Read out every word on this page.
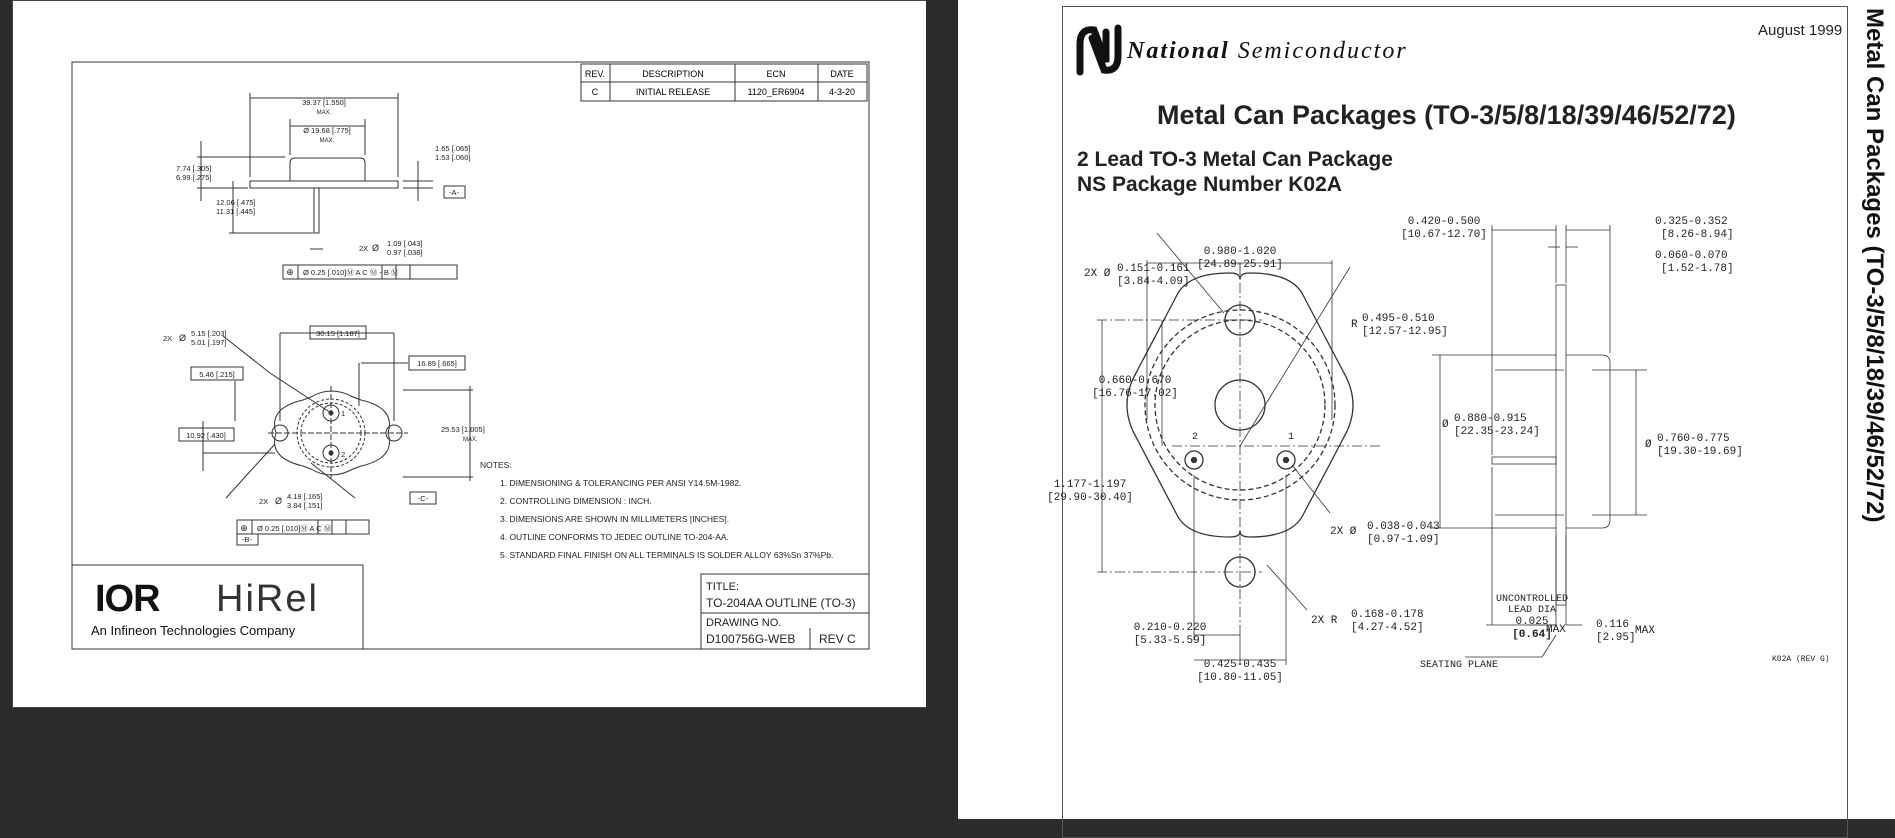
REV.	DESCRIPTION	ECN	DATE
C	INITIAL RELEASE	1120_ER6904	4-3-20
39.37 [1.550]
MAX.
Ø 19.68 [.775]
MAX.
1.65 [.065]
1.53 [.060]
7.74 [.305]
6.99 [.275]
12.06 [.475]
11.31 [.445]
2X Ø 1.09 [.043]
0.97 [.038]
-A-
⊕ Ø 0.25 [.010]Ⓜ A C Ⓜ - B Ⓜ
2X Ø 5.15 [.203]
5.01 [.197]
30.15 [1.187]
16.89 [.665]
5.46 [.215]
10.92 [.430]
25.53 [1.005]
MAX.
2X Ø 4.19 [.165]
3.84 [.151]
-C-
-B-
⊕ Ø 0.25 [.010]Ⓜ A C Ⓜ
1
2
NOTES:
1. DIMENSIONING & TOLERANCING PER ANSI Y14.5M-1982.
2. CONTROLLING DIMENSION : INCH.
3. DIMENSIONS ARE SHOWN IN MILLIMETERS [INCHES].
4. OUTLINE CONFORMS TO JEDEC OUTLINE TO-204-AA.
5. STANDARD FINAL FINISH ON ALL TERMINALS IS SOLDER ALLOY 63%Sn 37%Pb.
IOR HiRel
An Infineon Technologies Company
TITLE:
TO-204AA OUTLINE (TO-3)
DRAWING NO.
D100756G-WEB REV C
National Semiconductor
August 1999
Metal Can Packages (TO-3/5/8/18/39/46/52/72)
2 Lead TO-3 Metal Can Package
NS Package Number K02A	Metal Can Packages (TO-3/5/8/18/39/46/52/72)
2X Ø 0.151-0.161
[3.84-4.09]
0.980-1.020
[24.89-25.91]
R 0.495-0.510
[12.57-12.95]
0.660-0.670
[16.76-17.02]
1.177-1.197
[29.90-30.40]
Ø 0.880-0.915
[22.35-23.24]
2X Ø 0.038-0.043
[0.97-1.09]
2X R 0.168-0.178
[4.27-4.52]
0.210-0.220
[5.33-5.59]
0.425-0.435
[10.80-11.05]
0.420-0.500
[10.67-12.70]
0.325-0.352
[8.26-8.94]
0.060-0.070
[1.52-1.78]
Ø 0.760-0.775
[19.30-19.69]
UNCONTROLLED
LEAD DIA
0.025
[0.64]
MAX	0.116
[2.95]
MAX
SEATING PLANE
K02A (REV G)
1
2
